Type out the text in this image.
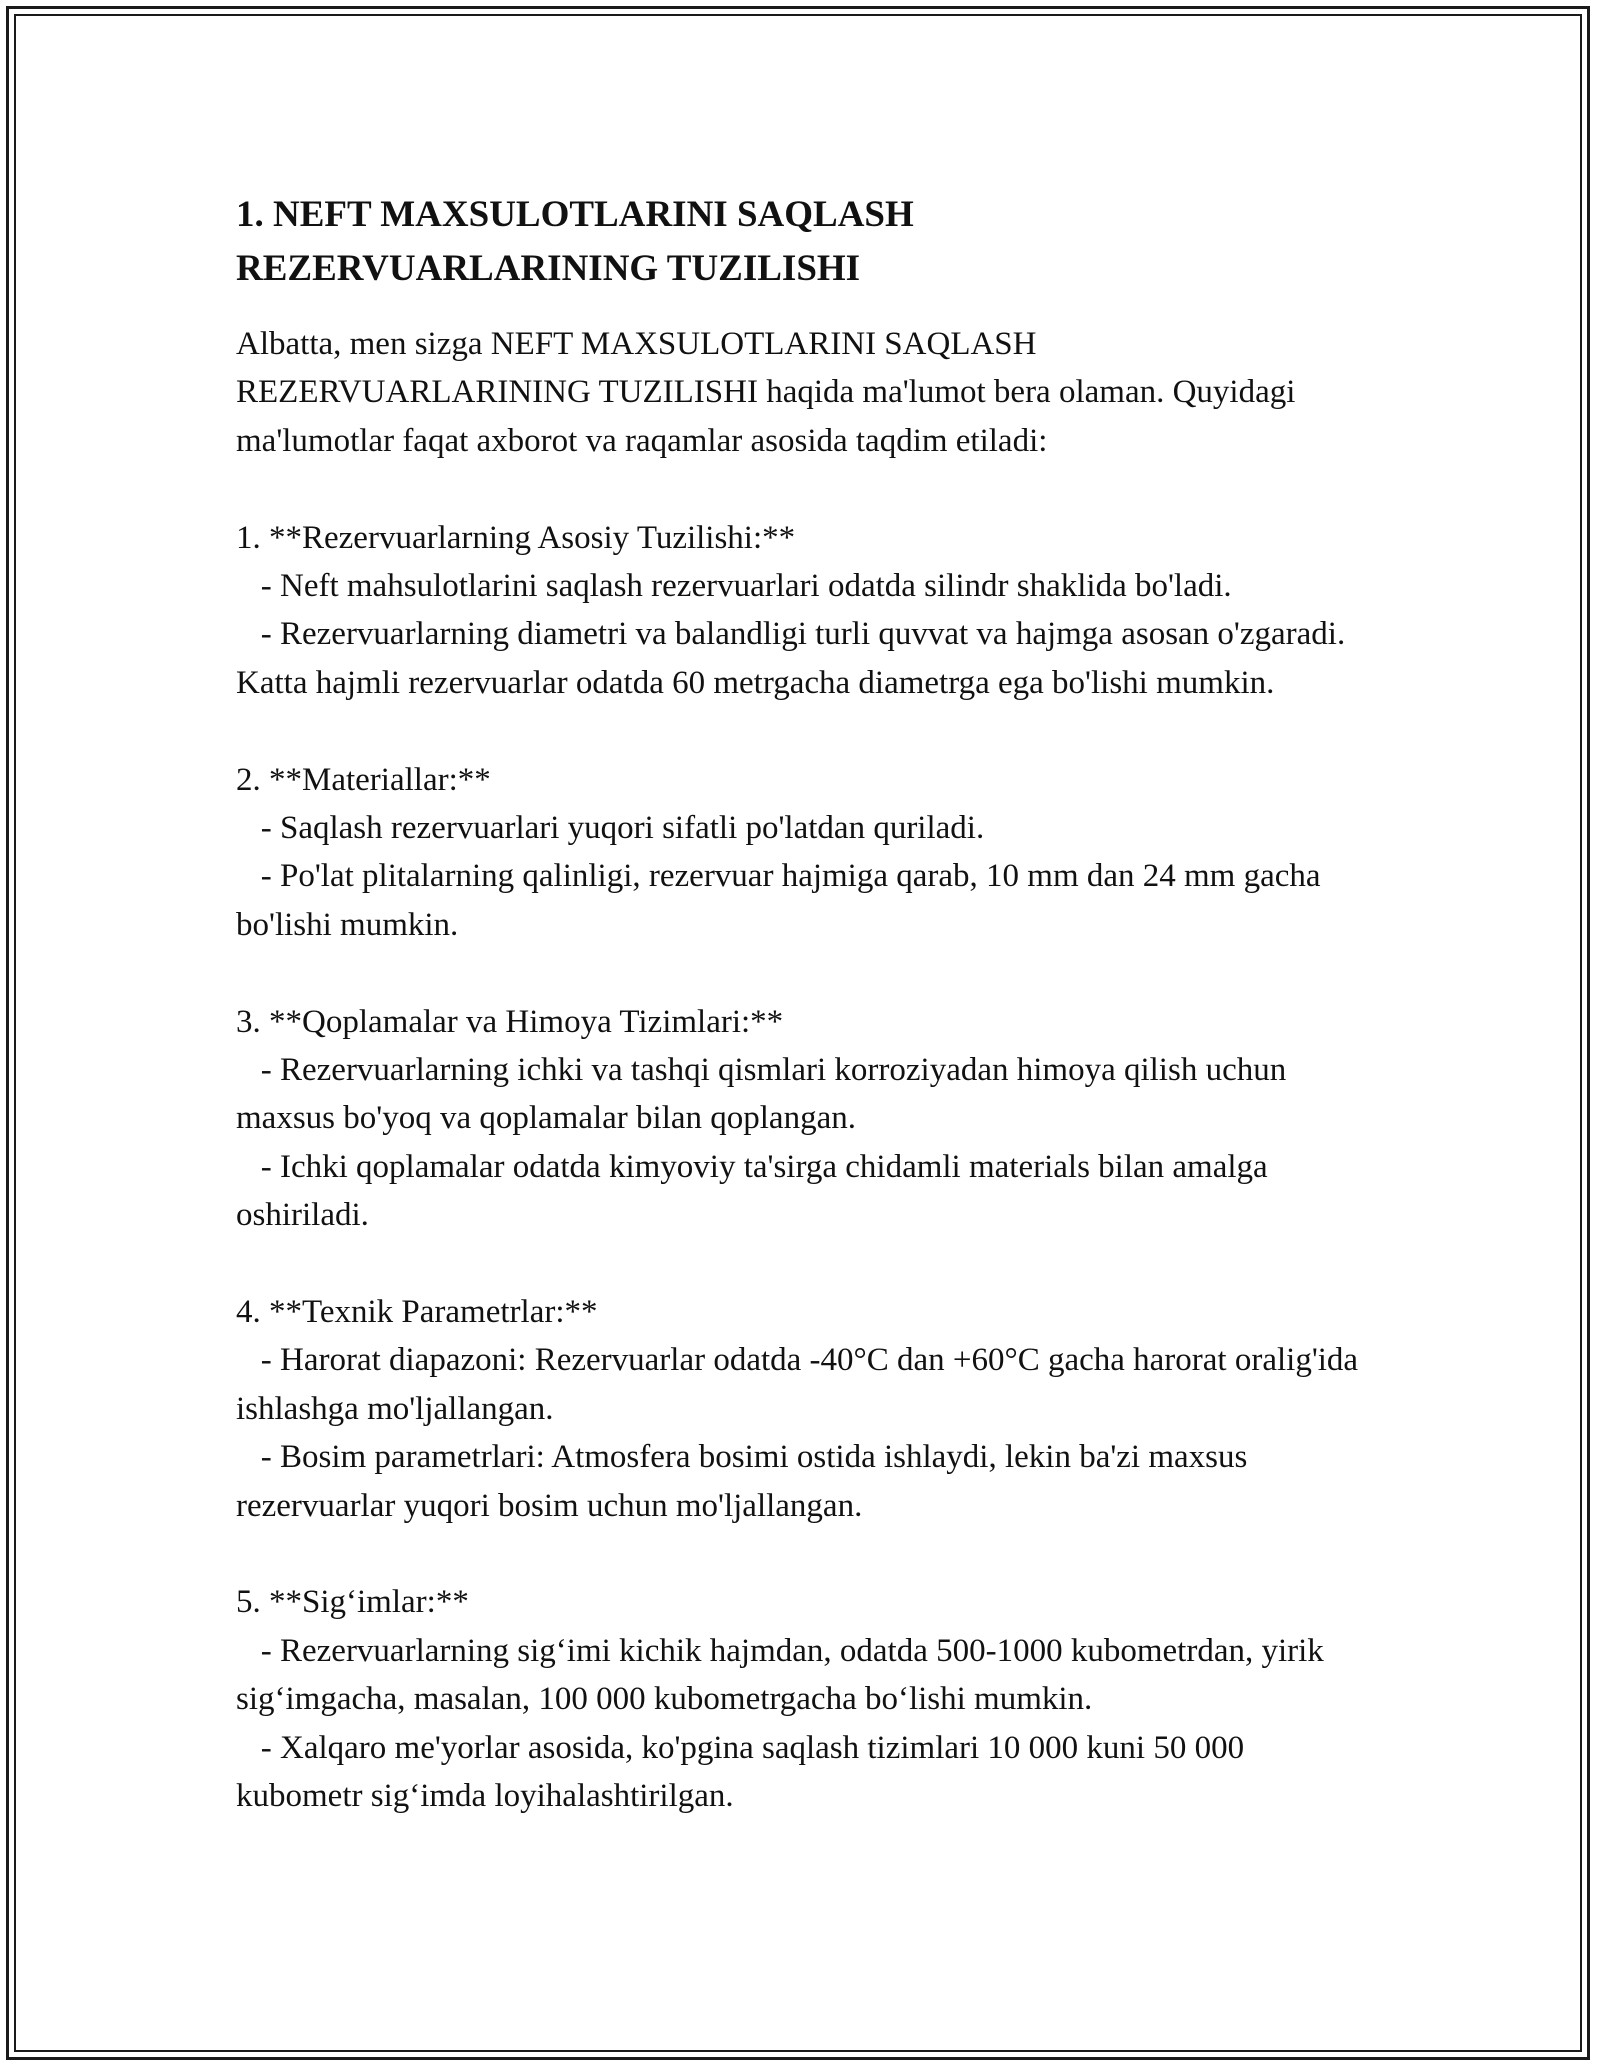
1. NEFT MAXSULOTLARINI SAQLASH REZERVUARLARINING TUZILISHI

Albatta, men sizga NEFT MAXSULOTLARINI SAQLASH REZERVUARLARINING TUZILISHI haqida ma'lumot bera olaman. Quyidagi ma'lumotlar faqat axborot va raqamlar asosida taqdim etiladi:

1. **Rezervuarlarning Asosiy Tuzilishi:**

- Neft mahsulotlarini saqlash rezervuarlari odatda silindr shaklida bo'ladi.

- Rezervuarlarning diametri va balandligi turli quvvat va hajmga asosan o'zgaradi. Katta hajmli rezervuarlar odatda 60 metrgacha diametrga ega bo'lishi mumkin.

2. **Materiallar:**

- Saqlash rezervuarlari yuqori sifatli po'latdan quriladi.

- Po'lat plitalarning qalinligi, rezervuar hajmiga qarab, 10 mm dan 24 mm gacha bo'lishi mumkin.

3. **Qoplamalar va Himoya Tizimlari:**

- Rezervuarlarning ichki va tashqi qismlari korroziyadan himoya qilish uchun maxsus bo'yoq va qoplamalar bilan qoplangan.

- Ichki qoplamalar odatda kimyoviy ta'sirga chidamli materials bilan amalga oshiriladi.

4. **Texnik Parametrlar:**

- Harorat diapazoni: Rezervuarlar odatda -40°C dan +60°C gacha harorat oralig'ida ishlashga mo'ljallangan.

- Bosim parametrlari: Atmosfera bosimi ostida ishlaydi, lekin ba'zi maxsus rezervuarlar yuqori bosim uchun mo'ljallangan.

5. **Sig‘imlar:**

- Rezervuarlarning sig‘imi kichik hajmdan, odatda 500-1000 kubometrdan, yirik sig‘imgacha, masalan, 100 000 kubometrgacha bo‘lishi mumkin.

- Xalqaro me'yorlar asosida, ko'pgina saqlash tizimlari 10 000 kuni 50 000 kubometr sig‘imda loyihalashtirilgan.
